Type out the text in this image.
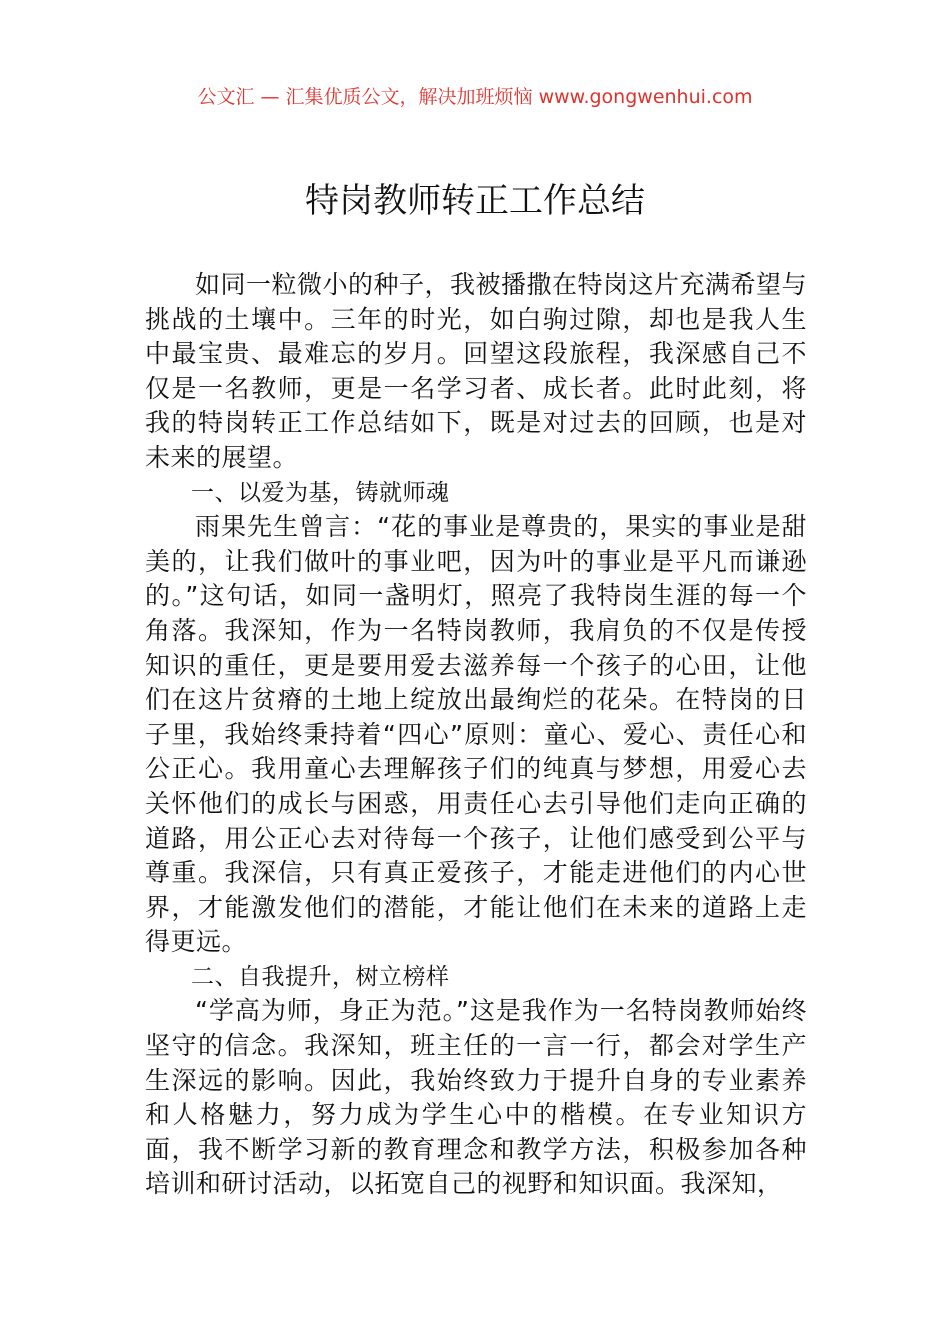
公文汇 — 汇集优质公文，解决加班烦恼 www.gongwenhui.com
特岗教师转正工作总结

如同一粒微小的种子，我被播撒在特岗这片充满希望与挑战的土壤中。三年的时光，如白驹过隙，却也是我人生中最宝贵、最难忘的岁月。回望这段旅程，我深感自己不仅是一名教师，更是一名学习者、成长者。此时此刻，将我的特岗转正工作总结如下，既是对过去的回顾，也是对未来的展望。

一、以爱为基，铸就师魂

雨果先生曾言：“花的事业是尊贵的，果实的事业是甜美的，让我们做叶的事业吧，因为叶的事业是平凡而谦逊的。”这句话，如同一盏明灯，照亮了我特岗生涯的每一个角落。我深知，作为一名特岗教师，我肩负的不仅是传授知识的重任，更是要用爱去滋养每一个孩子的心田，让他们在这片贫瘠的土地上绽放出最绚烂的花朵。在特岗的日子里，我始终秉持着“四心”原则：童心、爱心、责任心和公正心。我用童心去理解孩子们的纯真与梦想，用爱心去关怀他们的成长与困惑，用责任心去引导他们走向正确的道路，用公正心去对待每一个孩子，让他们感受到公平与尊重。我深信，只有真正爱孩子，才能走进他们的内心世界，才能激发他们的潜能，才能让他们在未来的道路上走得更远。

二、自我提升，树立榜样

“学高为师，身正为范。”这是我作为一名特岗教师始终坚守的信念。我深知，班主任的一言一行，都会对学生产生深远的影响。因此，我始终致力于提升自身的专业素养和人格魅力，努力成为学生心中的楷模。在专业知识方面，我不断学习新的教育理念和教学方法，积极参加各种培训和研讨活动，以拓宽自己的视野和知识面。我深知，
